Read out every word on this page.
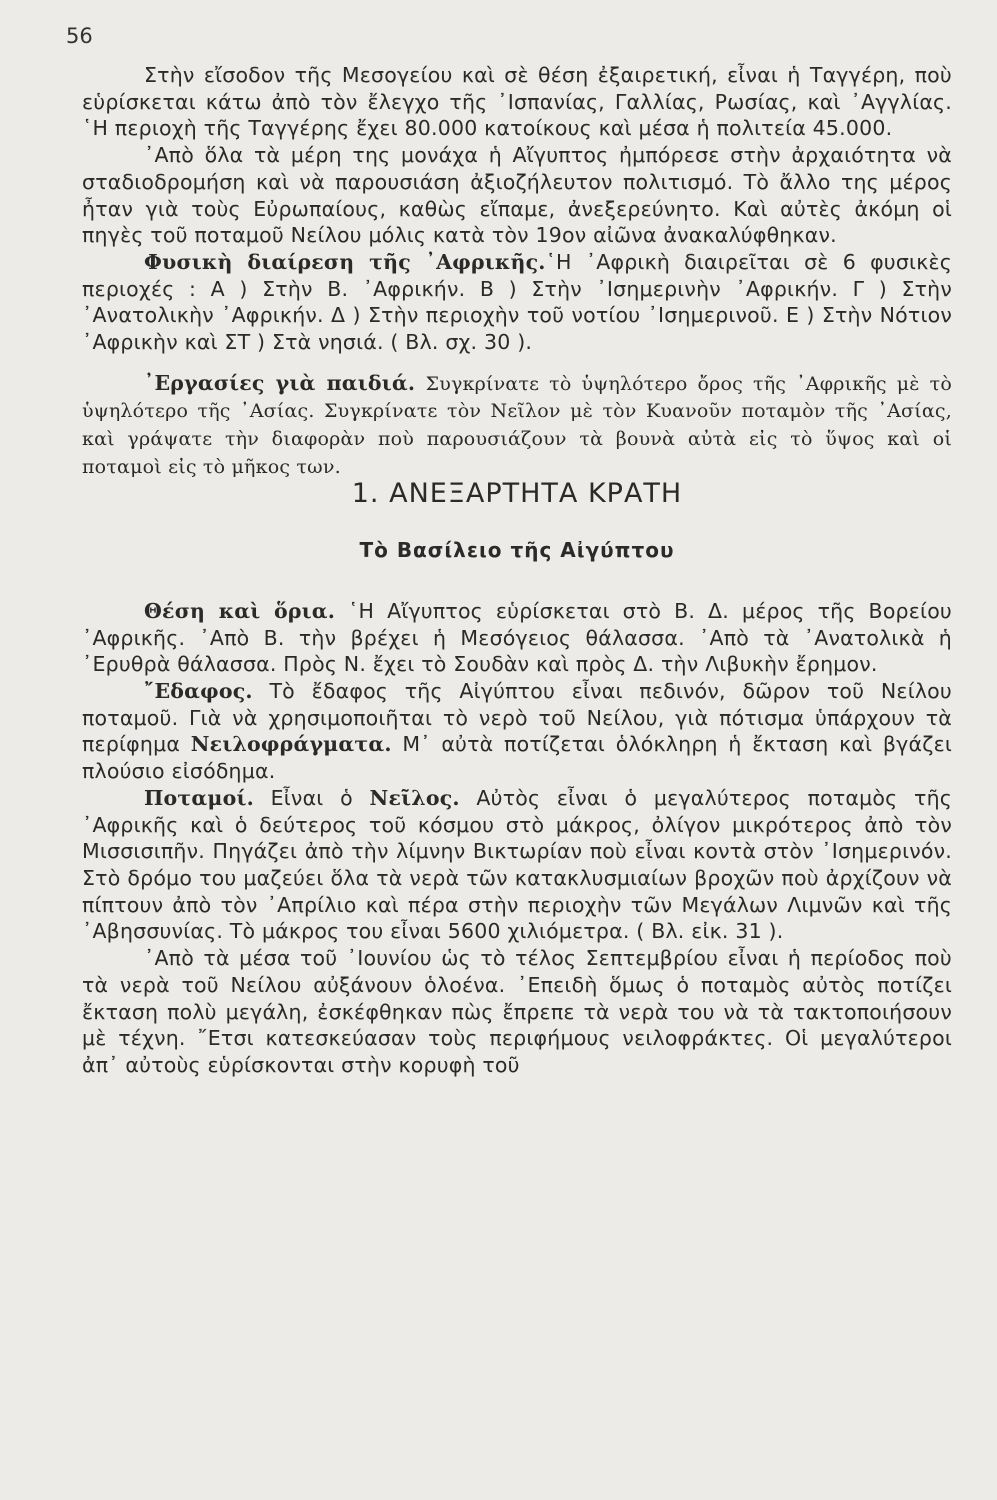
56

Στὴν εἴσοδον τῆς Μεσογείου καὶ σὲ θέση ἐξαιρετική, εἶναι ἡ Ταγγέρη, ποὺ εὑρίσκεται κάτω ἀπὸ τὸν ἔλεγχο τῆς ᾿Ισπανίας, Γαλλίας, Ρωσίας, καὶ ᾿Αγγλίας. ῾Η περιοχὴ τῆς Ταγγέρης ἔχει 80.000 κατοίκους καὶ μέσα ἡ πολιτεία 45.000.

᾿Απὸ ὅλα τὰ μέρη της μονάχα ἡ Αἴγυπτος ἠμπόρεσε στὴν ἀρχαιότητα νὰ σταδιοδρομήση καὶ νὰ παρουσιάση ἀξιοζήλευτον πολιτισμό. Τὸ ἄλλο της μέρος ἦταν γιὰ τοὺς Εὐρωπαίους, καθὼς εἴπαμε, ἀνεξερεύνητο. Καὶ αὐτὲς ἀκόμη οἱ πηγὲς τοῦ ποταμοῦ Νείλου μόλις κατὰ τὸν 19ον αἰῶνα ἀνακαλύφθηκαν.

Φυσικὴ διαίρεση τῆς ᾿Αφρικῆς.῾Η ᾿Αφρικὴ διαιρεῖται σὲ 6 φυσικὲς περιοχές : Α ) Στὴν Β. ᾿Αφρικήν. Β ) Στὴν ᾿Ισημερινὴν ᾿Αφρικήν. Γ ) Στὴν ᾿Ανατολικὴν ᾿Αφρικήν. Δ ) Στὴν περιοχὴν τοῦ νοτίου ᾿Ισημερινοῦ. Ε ) Στὴν Νότιον ᾿Αφρικὴν καὶ ΣΤ ) Στὰ νησιά. ( Βλ. σχ. 30 ).

᾿Εργασίες γιὰ παιδιά. Συγκρίνατε τὸ ὑψηλότερο ὄρος τῆς ᾿Αφρικῆς μὲ τὸ ὑψηλότερο τῆς ᾿Ασίας. Συγκρίνατε τὸν Νεῖλον μὲ τὸν Κυανοῦν ποταμὸν τῆς ᾿Ασίας, καὶ γράψατε τὴν διαφορὰν ποὺ παρουσιάζουν τὰ βουνὰ αὐτὰ εἰς τὸ ὕψος καὶ οἱ ποταμοὶ εἰς τὸ μῆκος των.

1. ΑΝΕΞΑΡΤΗΤΑ ΚΡΑΤΗ

Τὸ Βασίλειο τῆς Αἰγύπτου

Θέση καὶ ὅρια. ῾Η Αἴγυπτος εὑρίσκεται στὸ Β. Δ. μέρος τῆς Βορείου ᾿Αφρικῆς. ᾿Απὸ Β. τὴν βρέχει ἡ Μεσόγειος θάλασσα. ᾿Απὸ τὰ ᾿Ανατολικὰ ἡ ᾿Ερυθρὰ θάλασσα. Πρὸς Ν. ἔχει τὸ Σουδὰν καὶ πρὸς Δ. τὴν Λιβυκὴν ἔρημον.

῎Εδαφος. Τὸ ἔδαφος τῆς Αἰγύπτου εἶναι πεδινόν, δῶρον τοῦ Νείλου ποταμοῦ. Γιὰ νὰ χρησιμοποιῆται τὸ νερὸ τοῦ Νείλου, γιὰ πότισμα ὑπάρχουν τὰ περίφημα Νειλοφράγματα. Μ᾿ αὐτὰ ποτίζεται ὁλόκληρη ἡ ἔκταση καὶ βγάζει πλούσιο εἰσόδημα.

Ποταμοί. Εἶναι ὁ Νεῖλος. Αὐτὸς εἶναι ὁ μεγαλύτερος ποταμὸς τῆς ᾿Αφρικῆς καὶ ὁ δεύτερος τοῦ κόσμου στὸ μάκρος, ὀλίγον μικρότερος ἀπὸ τὸν Μισσισιπῆν. Πηγάζει ἀπὸ τὴν λίμνην Βικτωρίαν ποὺ εἶναι κοντὰ στὸν ᾿Ισημερινόν. Στὸ δρόμο του μαζεύει ὅλα τὰ νερὰ τῶν κατακλυσμιαίων βροχῶν ποὺ ἀρχίζουν νὰ πίπτουν ἀπὸ τὸν ᾿Απρίλιο καὶ πέρα στὴν περιοχὴν τῶν Μεγάλων Λιμνῶν καὶ τῆς ᾿Αβησσυνίας. Τὸ μάκρος του εἶναι 5600 χιλιόμετρα. ( Βλ. εἰκ. 31 ).

᾿Απὸ τὰ μέσα τοῦ ᾿Ιουνίου ὡς τὸ τέλος Σεπτεμβρίου εἶναι ἡ περίοδος ποὺ τὰ νερὰ τοῦ Νείλου αὐξάνουν ὁλοένα. ᾿Επειδὴ ὅμως ὁ ποταμὸς αὐτὸς ποτίζει ἔκταση πολὺ μεγάλη, ἐσκέφθηκαν πὼς ἔπρεπε τὰ νερὰ του νὰ τὰ τακτοποιήσουν μὲ τέχνη. ῎Ετσι κατεσκεύασαν τοὺς περιφήμους νειλοφράκτες. Οἱ μεγαλύτεροι ἀπ᾿ αὐτοὺς εὑρίσκονται στὴν κορυφὴ τοῦ
